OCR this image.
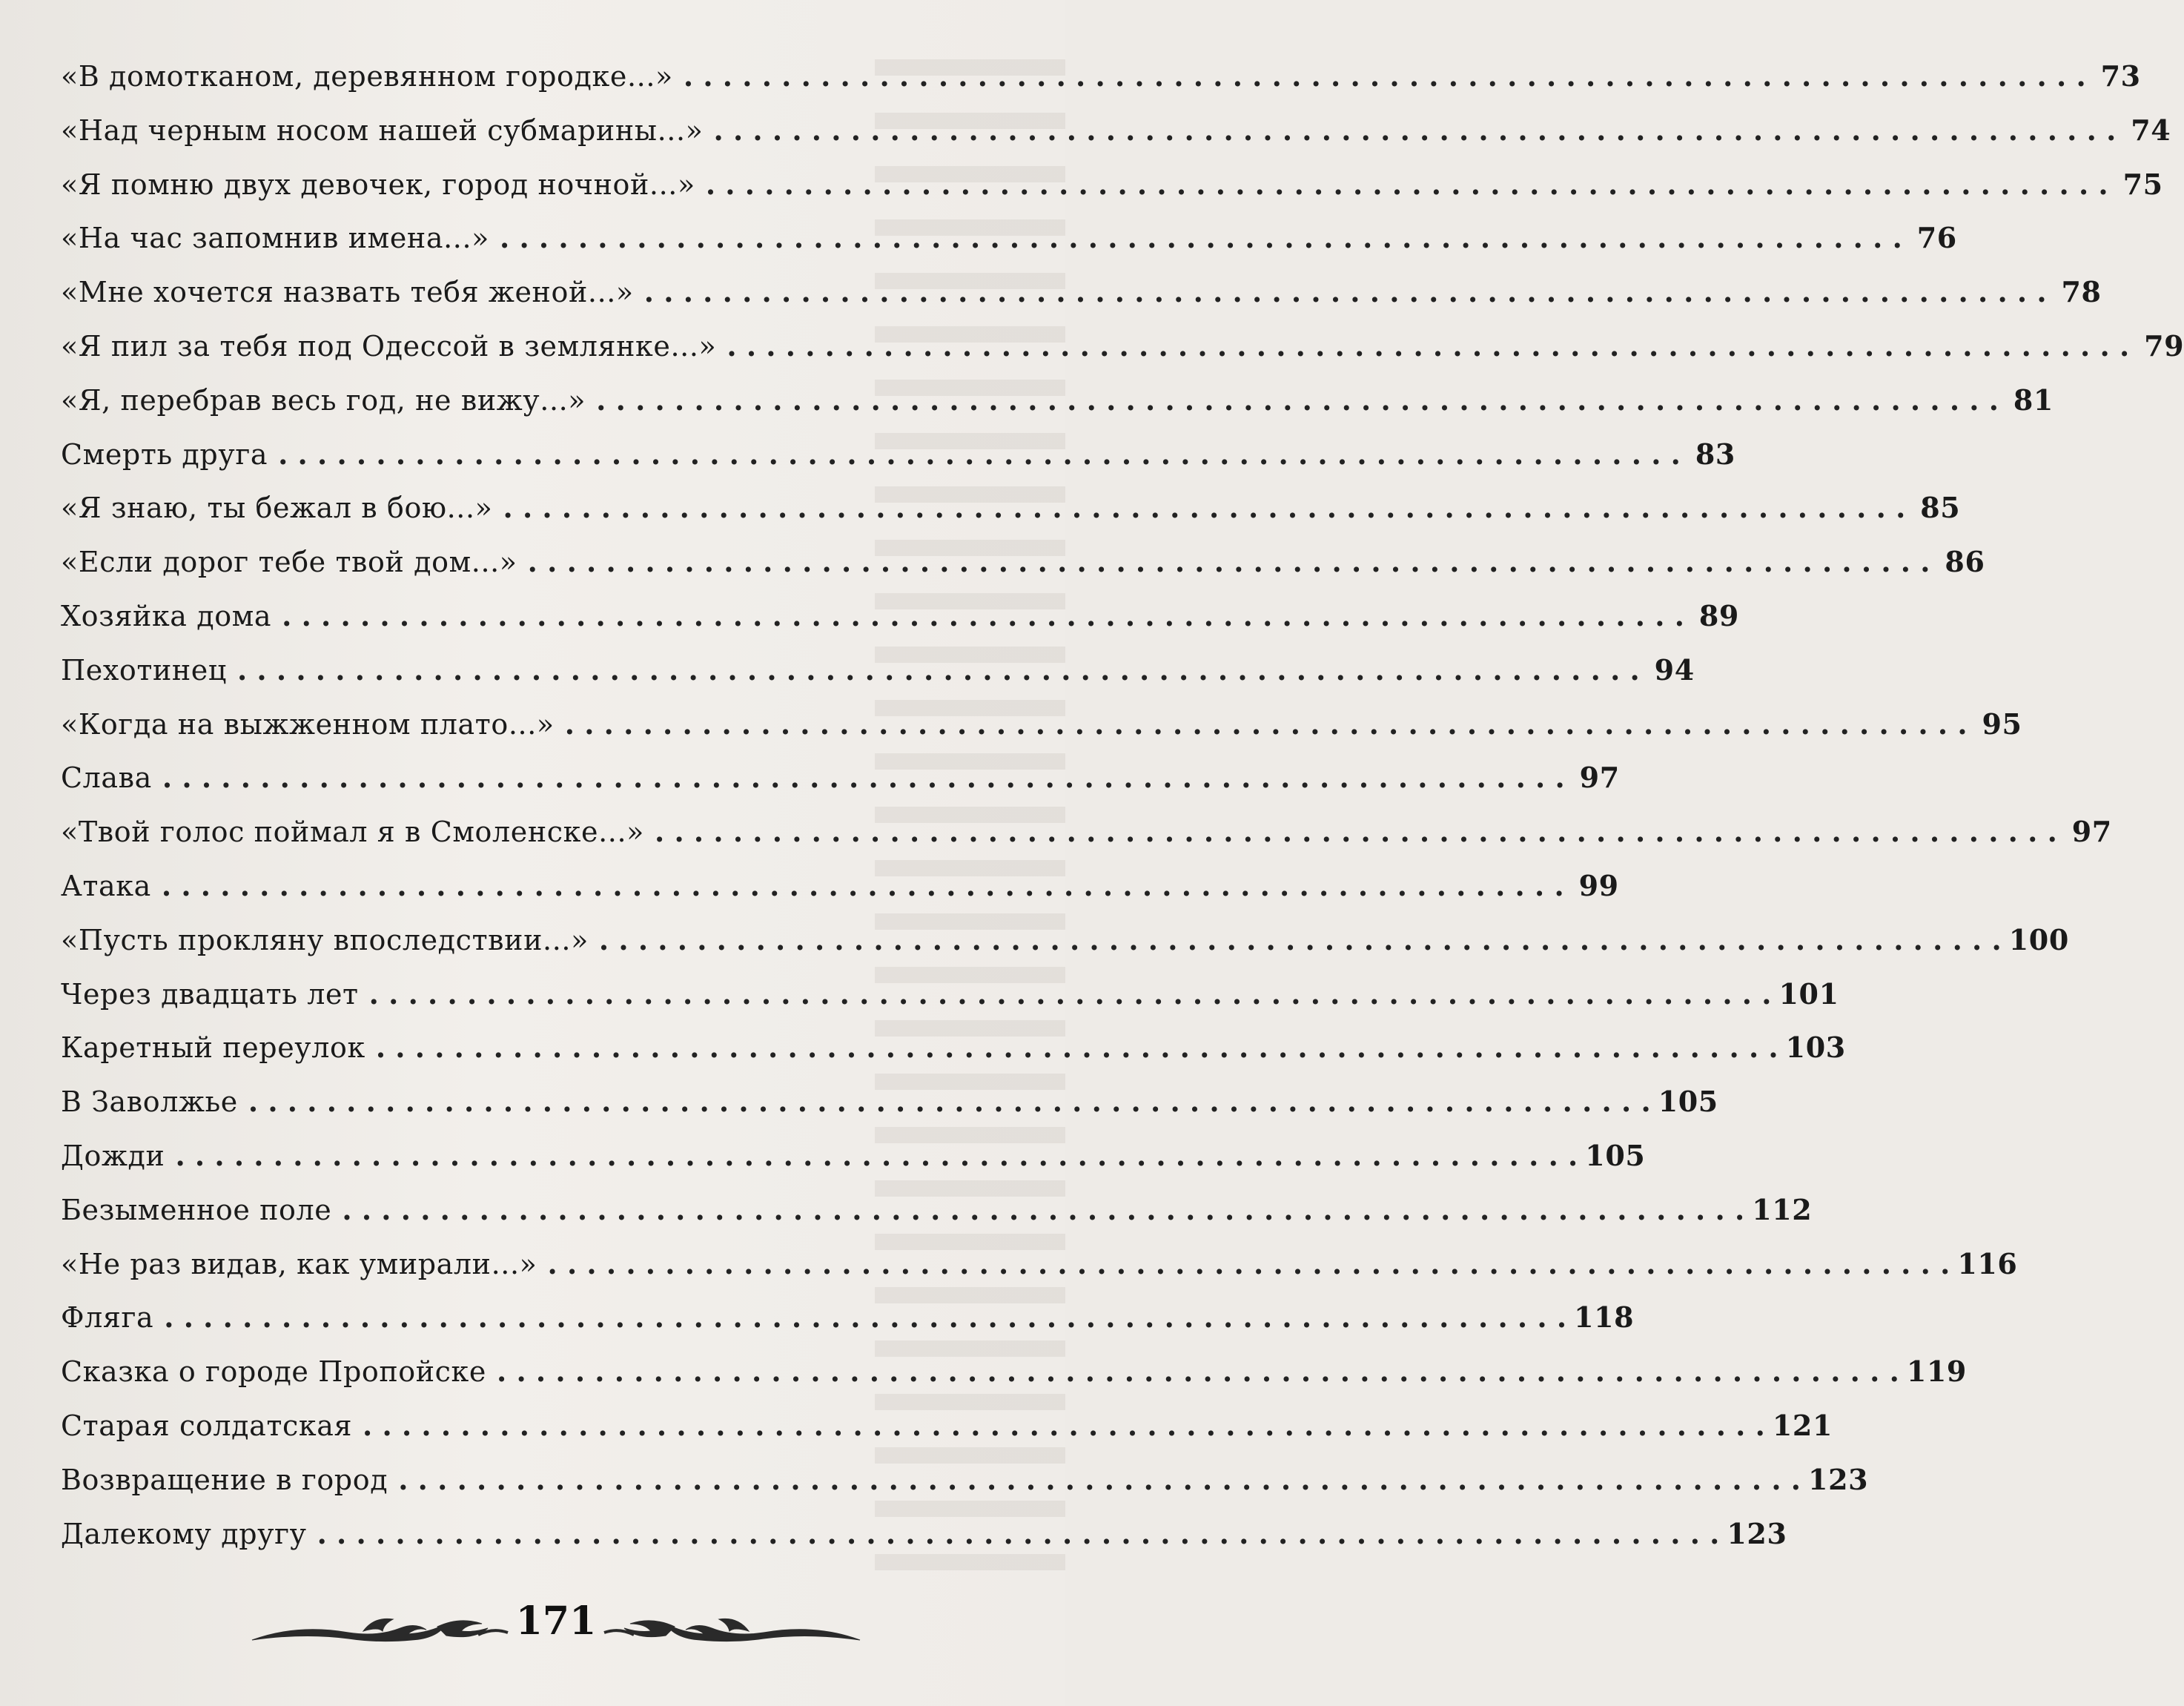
«В домотканом, деревянном городке...» . . .	73
«Над черным носом нашей субмарины...» . . .	74
«Я помню двух девочек, город ночной...» . . .	75
«На час запомнив имена...» . . .	76
«Мне хочется назвать тебя женой...» . . .	78
«Я пил за тебя под Одессой в землянке...» . . .	79
«Я, перебрав весь год, не вижу...» . . .	81
Смерть друга . . .	83
«Я знаю, ты бежал в бою...» . . .	85
«Если дорог тебе твой дом...» . . .	86
Хозяйка дома . . .	89
Пехотинец . . .	94
«Когда на выжженном плато...» . . .	95
Слава . . .	97
«Твой голос поймал я в Смоленске...» . . .	97
Атака . . .	99
«Пусть прокляну впоследствии...» . . .	100
Через двадцать лет . . .	101
Каретный переулок . . .	103
В Заволжье . . .	105
Дожди . . .	105
Безыменное поле . . .	112
«Не раз видав, как умирали...» . . .	116
Фляга . . .	118
Сказка о городе Пропойске . . .	119
Старая солдатская . . .	121
Возвращение в город . . .	123
Далекому другу . . .	123
171
